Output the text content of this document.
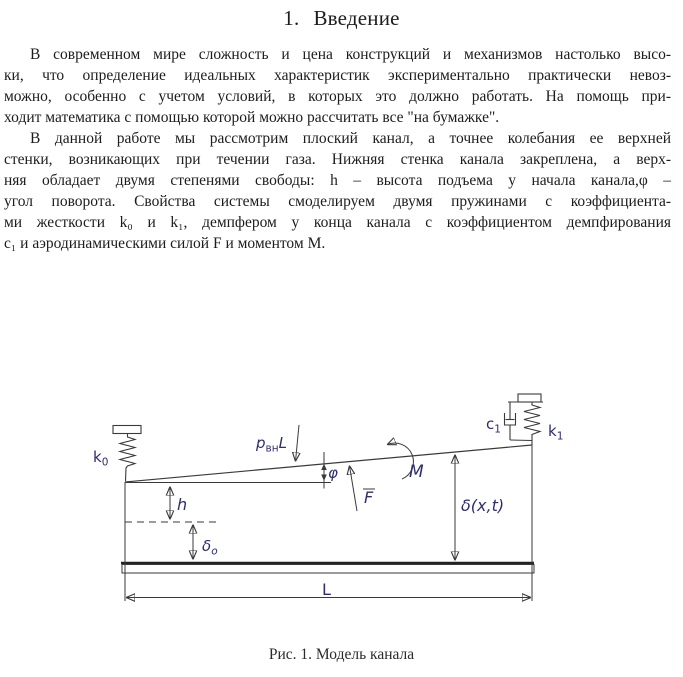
1. Введение
В современном мире сложность и цена конструкций и механизмов настолько высо-
ки, что определение идеальных характеристик экспериментально практически невоз-
можно, особенно с учетом условий, в которых это должно работать. На помощь при-
ходит математика с помощью которой можно рассчитать все "на бумажке".
В данной работе мы рассмотрим плоский канал, а точнее колебания ее верхней
стенки, возникающих при течении газа. Нижняя стенка канала закреплена, а верх-
няя обладает двумя степенями свободы: h – высота подъема у начала канала,φ –
угол поворота. Свойства системы смоделируем двумя пружинами с коэффициента-
ми жесткости k₀ и k₁, демпфером у конца канала с коэффициентом демпфирования
c₁ и аэродинамическими силой F и моментом M.
$k_0$
$c_1$	$k_1$
h
$\delta_o$
δ(x,t)
L
$p_{вн}L$
φ
F
M
Рис. 1. Модель канала
